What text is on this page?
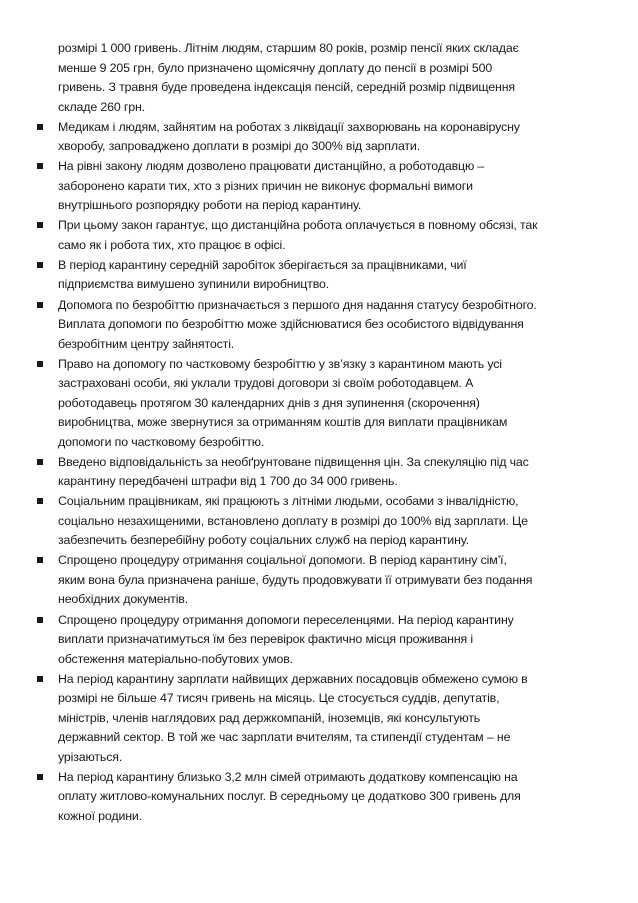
розмірі 1 000 гривень. Літнім людям, старшим 80 років, розмір пенсії яких складає
менше 9 205 грн, було призначено щомісячну доплату до пенсії в розмірі 500
гривень. З травня буде проведена індексація пенсій, середній розмір підвищення
складе 260 грн.
Медикам і людям, зайнятим на роботах з ліквідації захворювань на коронавірусну
хворобу, запроваджено доплати в розмірі до 300% від зарплати.
На рівні закону людям дозволено працювати дистанційно, а роботодавцю –
заборонено карати тих, хто з різних причин не виконує формальні вимоги
внутрішнього розпорядку роботи на період карантину.
При цьому закон гарантує, що дистанційна робота оплачується в повному обсязі, так
само як і робота тих, хто працює в офісі.
В період карантину середній заробіток зберігається за працівниками, чиї
підприємства вимушено зупинили виробництво.
Допомога по безробіттю призначається з першого дня надання статусу безробітного.
Виплата допомоги по безробіттю може здійснюватися без особистого відвідування
безробітним центру зайнятості.
Право на допомогу по частковому безробіттю у зв’язку з карантином мають усі
застраховані особи, які уклали трудові договори зі своїм роботодавцем. А
роботодавець протягом 30 календарних днів з дня зупинення (скорочення)
виробництва, може звернутися за отриманням коштів для виплати працівникам
допомоги по частковому безробіттю.
Введено відповідальність за необґрунтоване підвищення цін. За спекуляцію під час
карантину передбачені штрафи від 1 700 до 34 000 гривень.
Соціальним працівникам, які працюють з літніми людьми, особами з інвалідністю,
соціально незахищеними, встановлено доплату в розмірі до 100% від зарплати. Це
забезпечить безперебійну роботу соціальних служб на період карантину.
Спрощено процедуру отримання соціальної допомоги. В період карантину сім’ї,
яким вона була призначена раніше, будуть продовжувати її отримувати без подання
необхідних документів.
Спрощено процедуру отримання допомоги переселенцями. На період карантину
виплати призначатимуться їм без перевірок фактично місця проживання і
обстеження матеріально-побутових умов.
На період карантину зарплати найвищих державних посадовців обмежено сумою в
розмірі не більше 47 тисяч гривень на місяць. Це стосується суддів, депутатів,
міністрів, членів наглядових рад держкомпаній, іноземців, які консультують
державний сектор. В той же час зарплати вчителям, та стипендії студентам – не
урізаються.
На період карантину близько 3,2 млн сімей отримають додаткову компенсацію на
оплату житлово-комунальних послуг. В середньому це додатково 300 гривень для
кожної родини.
